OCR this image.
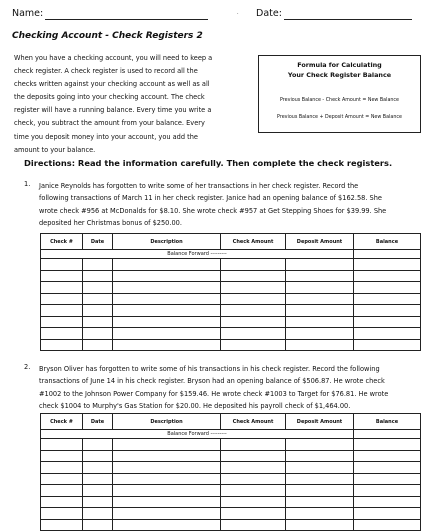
Name:	· Date:
Checking Account - Check Registers 2
When you have a checking account, you will need to keep a
check register. A check register is used to record all the
checks written against your checking account as well as all
the deposits going into your checking account. The check
register will have a running balance. Every time you write a
check, you subtract the amount from your balance. Every
time you deposit money into your account, you add the
amount to your balance.
Formula for Calculating
Your Check Register Balance
Previous Balance - Check Amount = New Balance
Previous Balance + Deposit Amount = New Balance
Directions: Read the information carefully. Then complete the check registers.
1. Janice Reynolds has forgotten to write some of her transactions in her check register. Record the
following transactions of March 11 in her check register. Janice had an opening balance of $162.58. She
wrote check #956 at McDonalds for $8.10. She wrote check #957 at Get Stepping Shoes for $39.99. She
deposited her Christmas bonus of $250.00.
Check #	Date	Description	Check Amount	Deposit Amount	Balance
Balance Forward ---------					

2. Bryson Oliver has forgotten to write some of his transactions in his check register. Record the following
transactions of June 14 in his check register. Bryson had an opening balance of $506.87. He wrote check
#1002 to the Johnson Power Company for $159.46. He wrote check #1003 to Target for $76.81. He wrote
check $1004 to Murphy's Gas Station for $20.00. He deposited his payroll check of $1,464.00.
Check #	Date	Description	Check Amount	Deposit Amount	Balance
Balance Forward ---------					
